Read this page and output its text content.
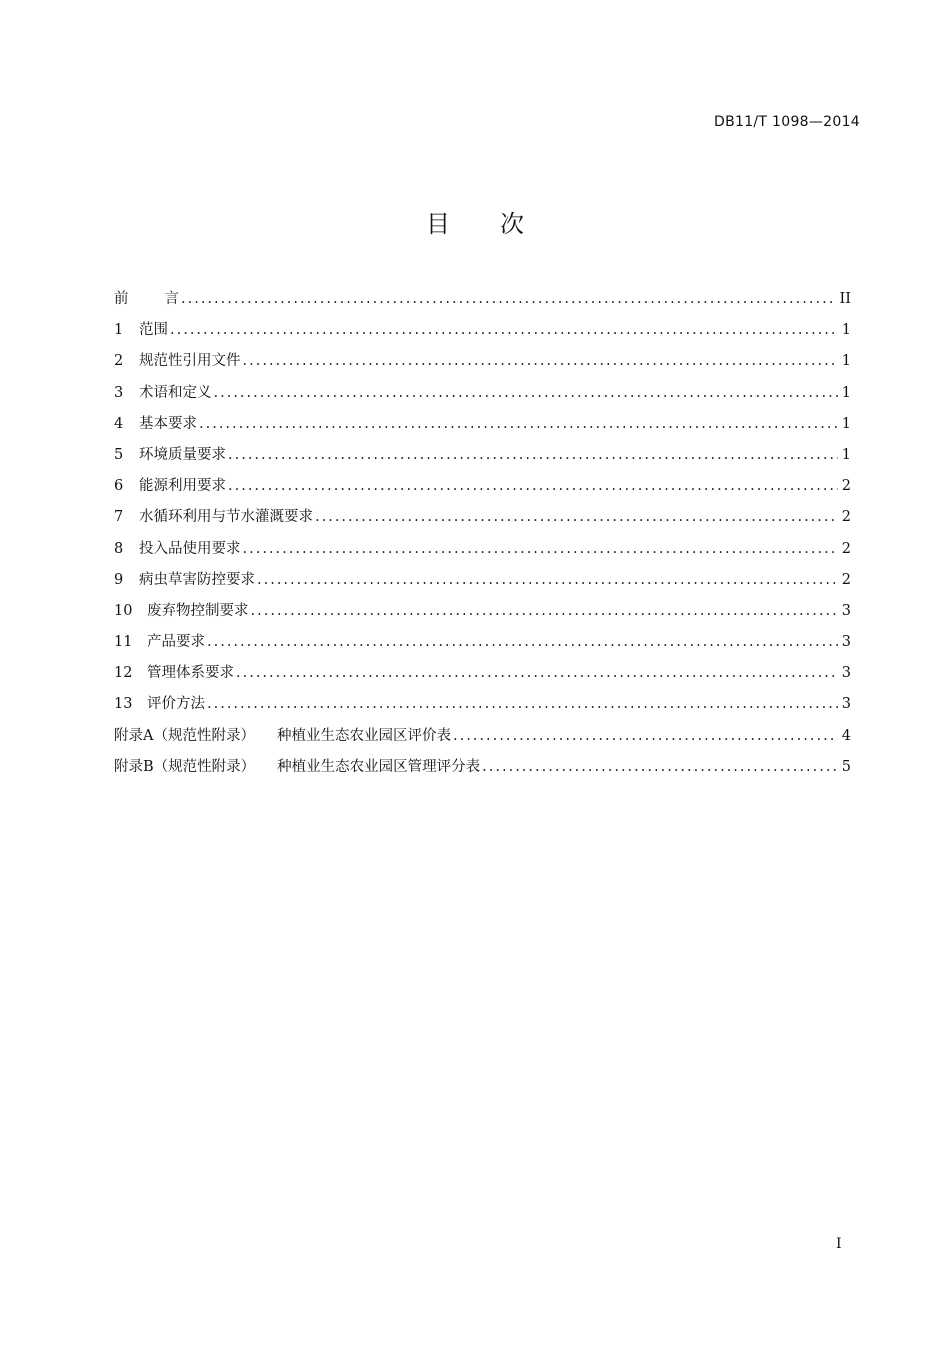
DB11/T 1098—2014
目次
前言 .....	II
1	范围 .....	1
2	规范性引用文件 .....	1
3	术语和定义 .....	1
4	基本要求 .....	1
5	环境质量要求 .....	1
6	能源利用要求 .....	2
7	水循环利用与节水灌溉要求 .....	2
8	投入品使用要求 .....	2
9	病虫草害防控要求 .....	2
10	废弃物控制要求 .....	3
11	产品要求 .....	3
12	管理体系要求 .....	3
13	评价方法 .....	3
附录A（规范性附录） 种植业生态农业园区评价表 .....	4
附录B（规范性附录） 种植业生态农业园区管理评分表 .....	5
I
